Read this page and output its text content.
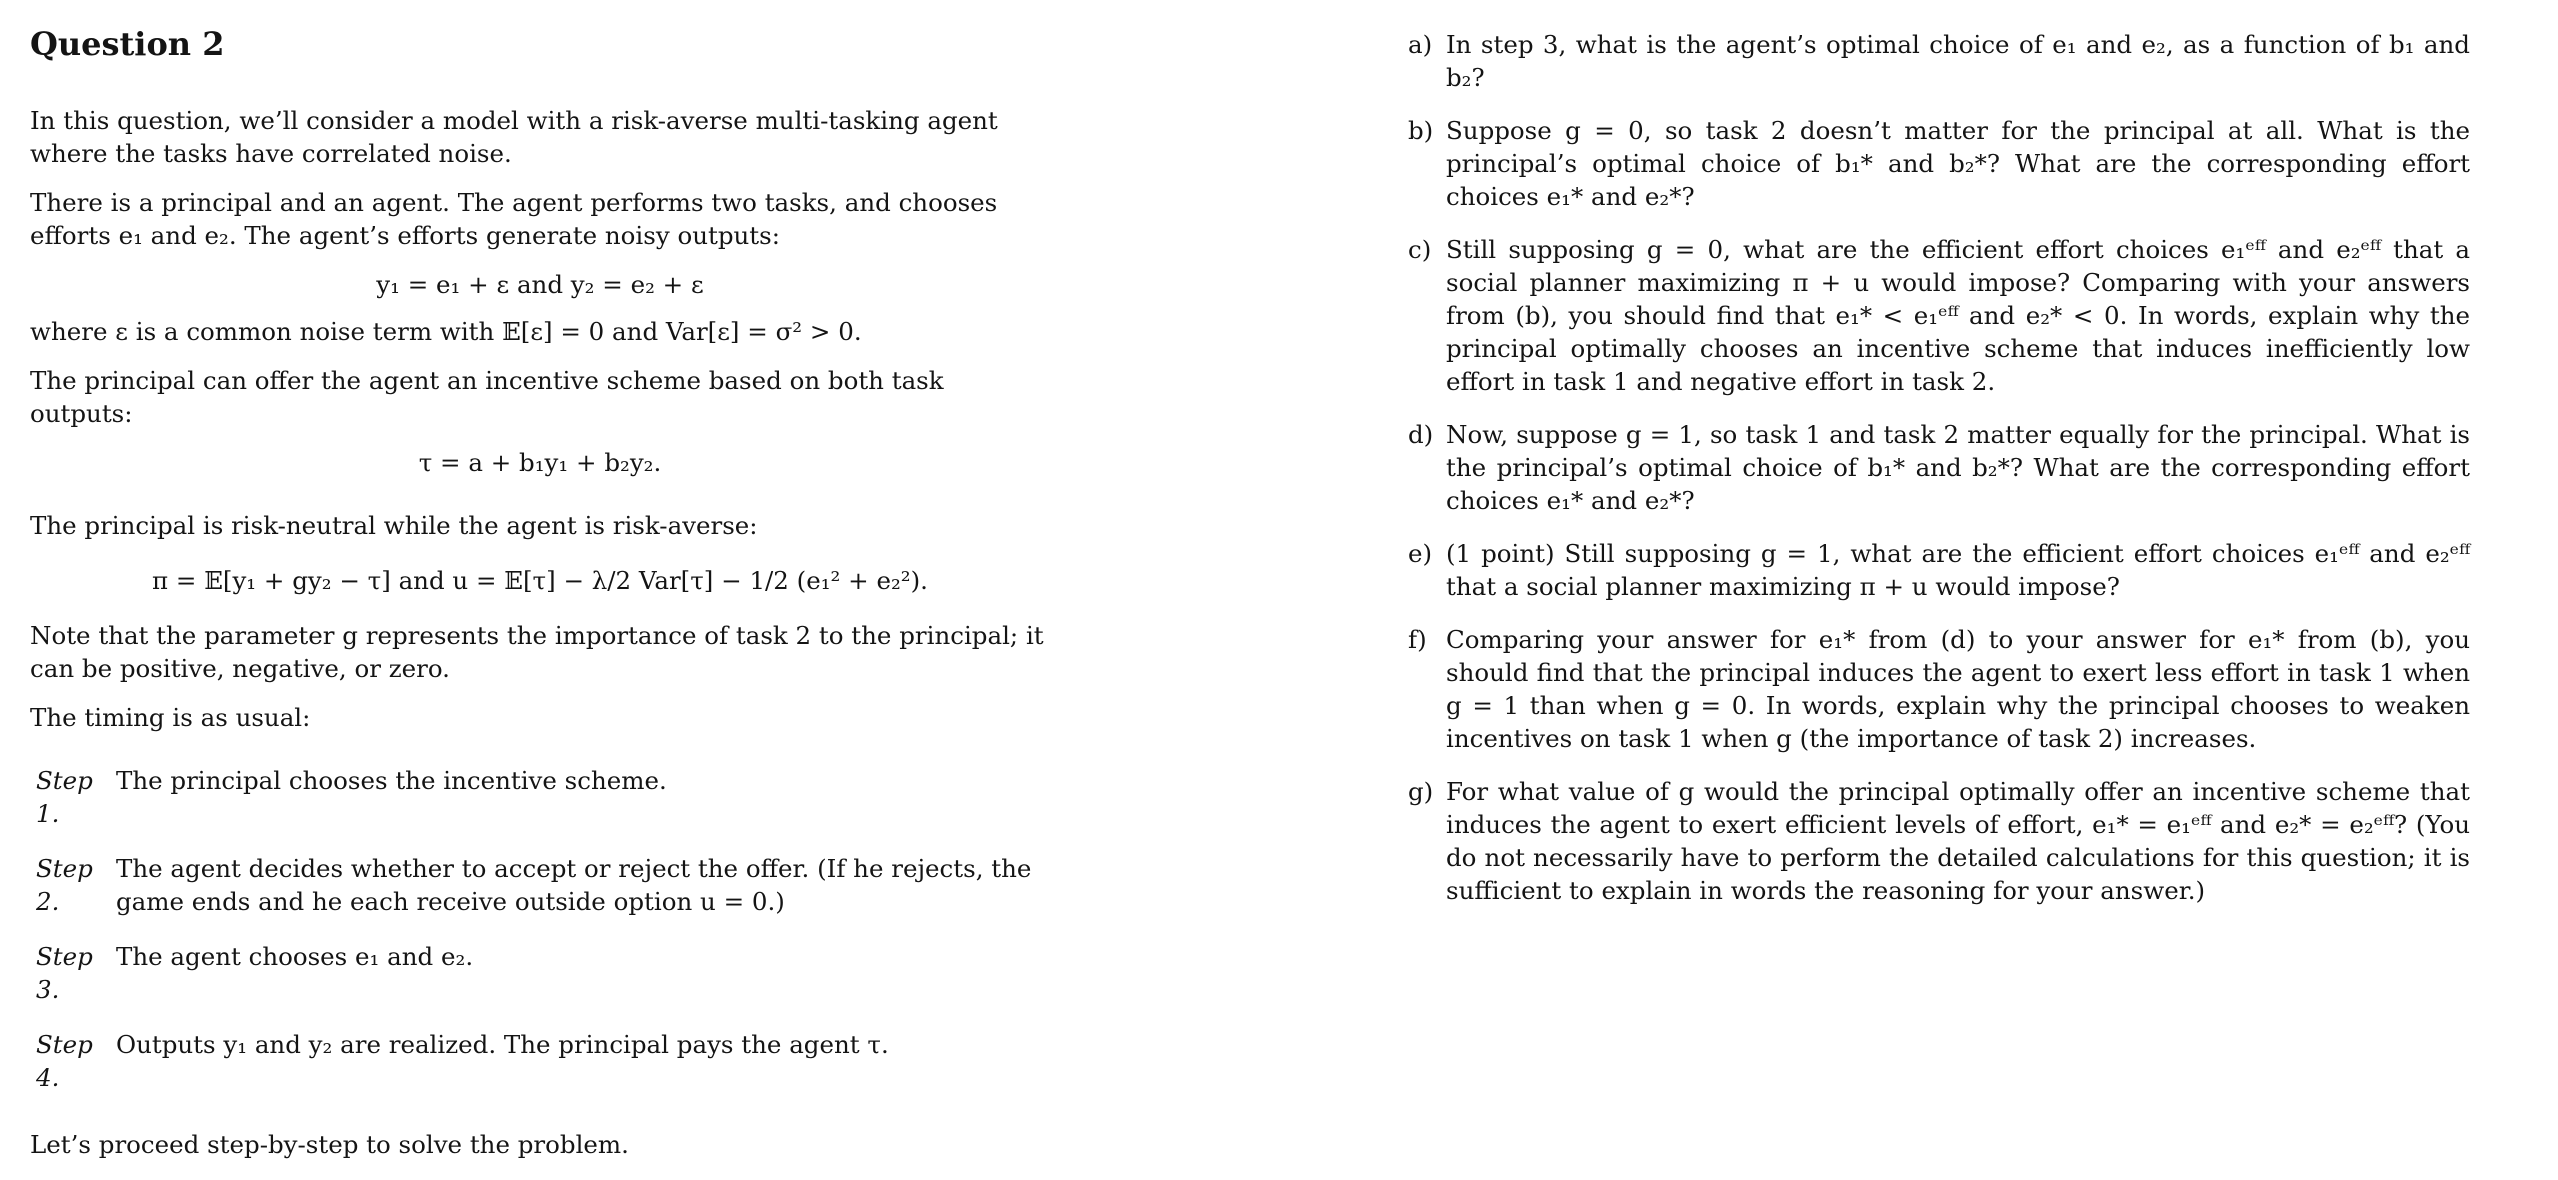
Question 2

In this question, we’ll consider a model with a risk-averse multi-tasking agent where the tasks have correlated noise.

There is a principal and an agent. The agent performs two tasks, and chooses efforts e₁ and e₂. The agent’s efforts generate noisy outputs:

y₁ = e₁ + ε and y₂ = e₂ + ε

where ε is a common noise term with 𝔼[ε] = 0 and Var[ε] = σ² > 0.

The principal can offer the agent an incentive scheme based on both task outputs:

τ = a + b₁y₁ + b₂y₂.

The principal is risk-neutral while the agent is risk-averse:

π = 𝔼[y₁ + gy₂ − τ] and u = 𝔼[τ] − λ/2 Var[τ] − 1/2 (e₁² + e₂²).

Note that the parameter g represents the importance of task 2 to the principal; it can be positive, negative, or zero.

The timing is as usual:

Step 1.
The principal chooses the incentive scheme.
Step 2.
The agent decides whether to accept or reject the offer. (If he rejects, the game ends and he each receive outside option u = 0.)
Step 3.
The agent chooses e₁ and e₂.
Step 4.
Outputs y₁ and y₂ are realized. The principal pays the agent τ.

Let’s proceed step-by-step to solve the problem.

a) In step 3, what is the agent’s optimal choice of e₁ and e₂, as a function of b₁ and b₂?
b) Suppose g = 0, so task 2 doesn’t matter for the principal at all. What is the principal’s optimal choice of b₁* and b₂*? What are the corresponding effort choices e₁* and e₂*?
c) Still supposing g = 0, what are the efficient effort choices e₁ᵉᶠᶠ and e₂ᵉᶠᶠ that a social planner maximizing π + u would impose? Comparing with your answers from (b), you should find that e₁* < e₁ᵉᶠᶠ and e₂* < 0. In words, explain why the principal optimally chooses an incentive scheme that induces inefficiently low effort in task 1 and negative effort in task 2.
d) Now, suppose g = 1, so task 1 and task 2 matter equally for the principal. What is the principal’s optimal choice of b₁* and b₂*? What are the corresponding effort choices e₁* and e₂*?
e) (1 point) Still supposing g = 1, what are the efficient effort choices e₁ᵉᶠᶠ and e₂ᵉᶠᶠ that a social planner maximizing π + u would impose?
f) Comparing your answer for e₁* from (d) to your answer for e₁* from (b), you should find that the principal induces the agent to exert less effort in task 1 when g = 1 than when g = 0. In words, explain why the principal chooses to weaken incentives on task 1 when g (the importance of task 2) increases.
g) For what value of g would the principal optimally offer an incentive scheme that induces the agent to exert efficient levels of effort, e₁* = e₁ᵉᶠᶠ and e₂* = e₂ᵉᶠᶠ? (You do not necessarily have to perform the detailed calculations for this question; it is sufficient to explain in words the reasoning for your answer.)
